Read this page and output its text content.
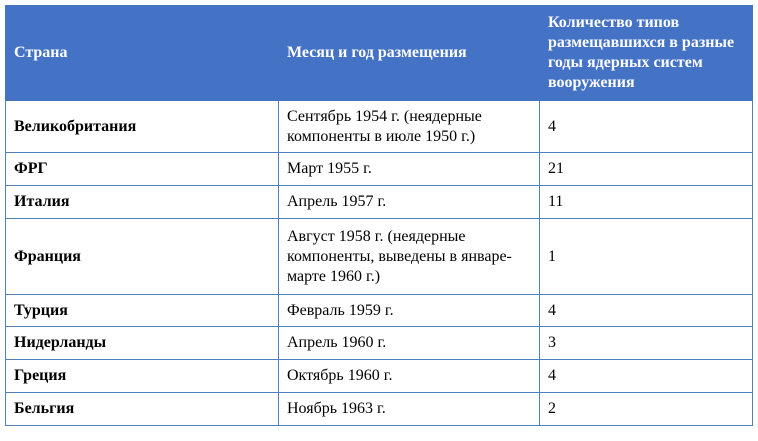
Страна	Месяц и год размещения	Количество типов размещавшихся в разные годы ядерных систем вооружения
Великобритания	Сентябрь 1954 г. (неядерные компоненты в июле 1950 г.)	4
ФРГ	Март 1955 г.	21
Италия	Апрель 1957 г.	11
Франция	Август 1958 г. (неядерные компоненты, выведены в январе-марте 1960 г.)	1
Турция	Февраль 1959 г.	4
Нидерланды	Апрель 1960 г.	3
Греция	Октябрь 1960 г.	4
Бельгия	Ноябрь 1963 г.	2
